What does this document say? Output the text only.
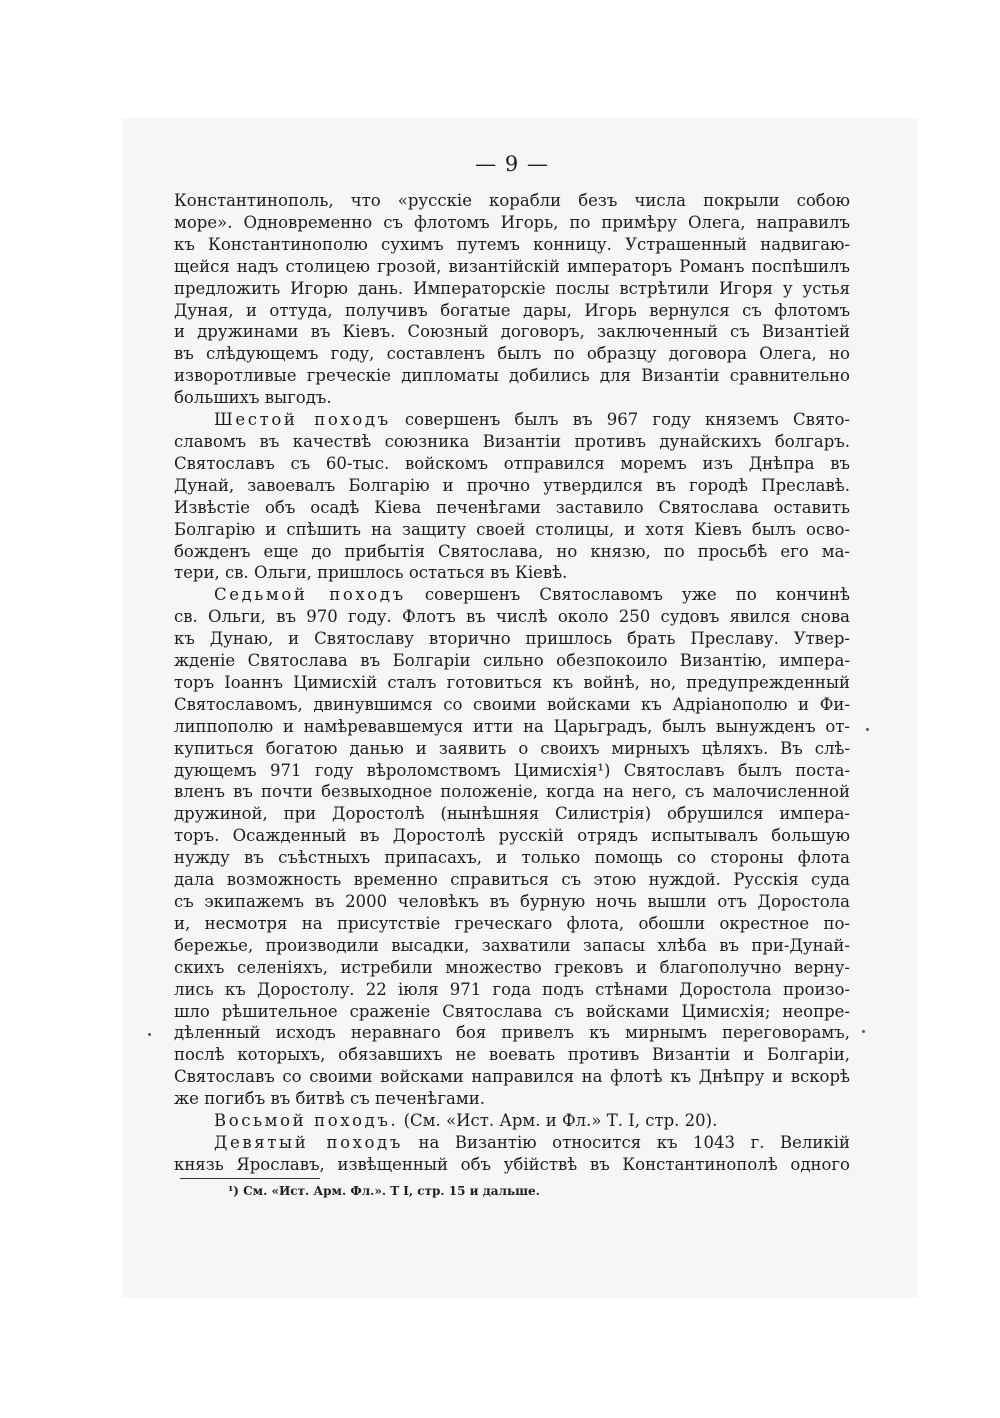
— 9 —

Константинополь, что «русскіе корабли безъ числа покрыли собою
море». Одновременно съ флотомъ Игорь, по примѣру Олега, направилъ
къ Константинополю сухимъ путемъ конницу. Устрашенный надвигаю-
щейся надъ столицею грозой, византійскій императоръ Романъ поспѣшилъ
предложить Игорю дань. Императорскіе послы встрѣтили Игоря у устья
Дуная, и оттуда, получивъ богатые дары, Игорь вернулся съ флотомъ
и дружинами въ Кіевъ. Союзный договоръ, заключенный съ Византіей
въ слѣдующемъ году, составленъ былъ по образцу договора Олега, но
изворотливые греческіе дипломаты добились для Византіи сравнительно
большихъ выгодъ.

Шестой походъ совершенъ былъ въ 967 году княземъ Свято-
славомъ въ качествѣ союзника Византіи противъ дунайскихъ болгаръ.
Святославъ съ 60-тыс. войскомъ отправился моремъ изъ Днѣпра въ
Дунай, завоевалъ Болгарію и прочно утвердился въ городѣ Преславѣ.
Извѣстіе объ осадѣ Кіева печенѣгами заставило Святослава оставить
Болгарію и спѣшить на защиту своей столицы, и хотя Кіевъ былъ осво-
божденъ еще до прибытія Святослава, но князю, по просьбѣ его ма-
тери, св. Ольги, пришлось остаться въ Кіевѣ.

Седьмой походъ совершенъ Святославомъ уже по кончинѣ
св. Ольги, въ 970 году. Флотъ въ числѣ около 250 судовъ явился снова
къ Дунаю, и Святославу вторично пришлось брать Преславу. Утвер-
жденіе Святослава въ Болгаріи сильно обезпокоило Византію, импера-
торъ Іоаннъ Цимисхій сталъ готовиться къ войнѣ, но, предупрежденный
Святославомъ, двинувшимся со своими войсками къ Адріанополю и Фи-
липпополю и намѣревавшемуся итти на Царьградъ, былъ вынужденъ от-
купиться богатою данью и заявить о своихъ мирныхъ цѣляхъ. Въ слѣ-
дующемъ 971 году вѣроломствомъ Цимисхія¹) Святославъ былъ поста-
вленъ въ почти безвыходное положеніе, когда на него, съ малочисленной
дружиной, при Доростолѣ (нынѣшняя Силистрія) обрушился импера-
торъ. Осажденный въ Доростолѣ русскій отрядъ испытывалъ большую
нужду въ съѣстныхъ припасахъ, и только помощь со стороны флота
дала возможность временно справиться съ этою нуждой. Русскія суда
съ экипажемъ въ 2000 человѣкъ въ бурную ночь вышли отъ Доростола
и, несмотря на присутствіе греческаго флота, обошли окрестное по-
бережье, производили высадки, захватили запасы хлѣба въ при-Дунай-
скихъ селеніяхъ, истребили множество грековъ и благополучно верну-
лись къ Доростолу. 22 іюля 971 года подъ стѣнами Доростола произо-
шло рѣшительное сраженіе Святослава съ войсками Цимисхія; неопре-
дѣленный исходъ неравнаго боя привелъ къ мирнымъ переговорамъ,
послѣ которыхъ, обязавшихъ не воевать противъ Византіи и Болгаріи,
Святославъ со своими войсками направился на флотѣ къ Днѣпру и вскорѣ
же погибъ въ битвѣ съ печенѣгами.

Восьмой походъ. (См. «Ист. Арм. и Фл.» Т. I, стр. 20).

Девятый походъ на Византію относится къ 1043 г. Великій
князь Ярославъ, извѣщенный объ убійствѣ въ Константинополѣ одного

¹) См. «Ист. Арм. Фл.». Т I, стр. 15 и дальше.
